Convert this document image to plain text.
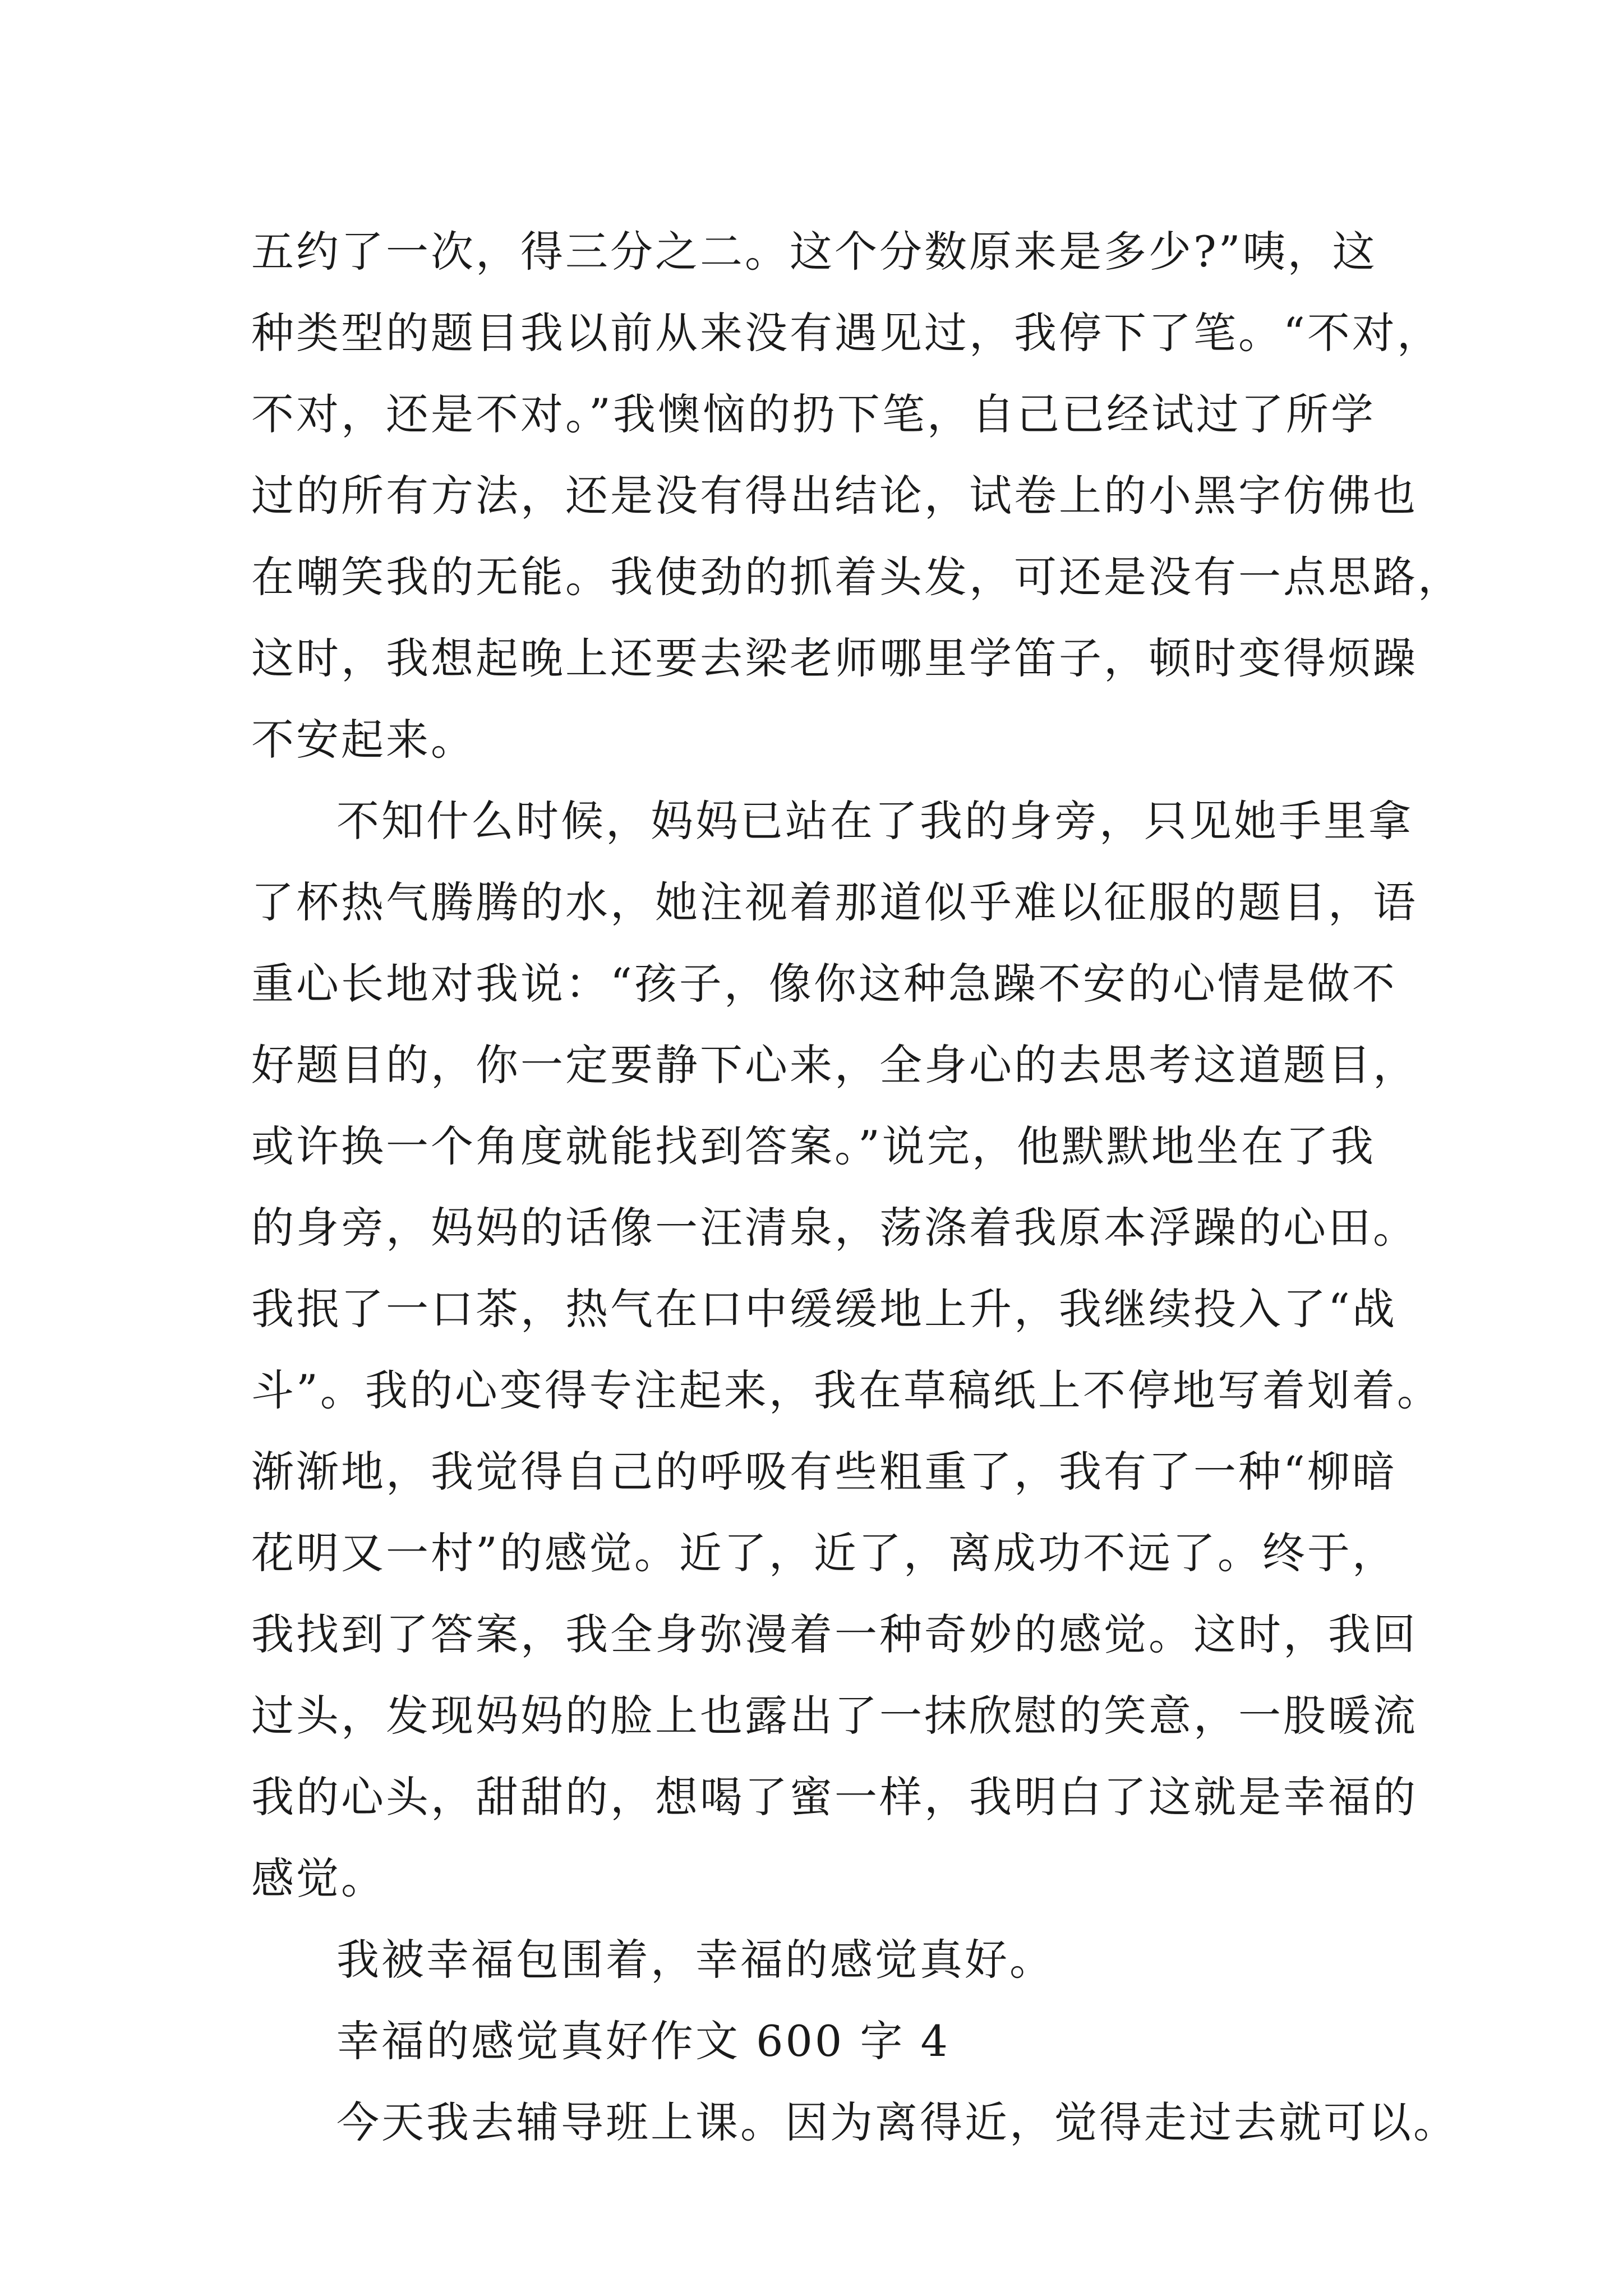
五约了一次，得三分之二。这个分数原来是多少?”咦，这
种类型的题目我以前从来没有遇见过，我停下了笔。“不对，
不对，还是不对。”我懊恼的扔下笔，自己已经试过了所学
过的所有方法，还是没有得出结论，试卷上的小黑字仿佛也
在嘲笑我的无能。我使劲的抓着头发，可还是没有一点思路，
这时，我想起晚上还要去梁老师哪里学笛子，顿时变得烦躁
不安起来。
不知什么时候，妈妈已站在了我的身旁，只见她手里拿
了杯热气腾腾的水，她注视着那道似乎难以征服的题目，语
重心长地对我说：“孩子，像你这种急躁不安的心情是做不
好题目的，你一定要静下心来，全身心的去思考这道题目，
或许换一个角度就能找到答案。”说完，他默默地坐在了我
的身旁，妈妈的话像一汪清泉，荡涤着我原本浮躁的心田。
我抿了一口茶，热气在口中缓缓地上升，我继续投入了“战
斗”。我的心变得专注起来，我在草稿纸上不停地写着划着。
渐渐地，我觉得自己的呼吸有些粗重了，我有了一种“柳暗
花明又一村”的感觉。近了，近了，离成功不远了。终于，
我找到了答案，我全身弥漫着一种奇妙的感觉。这时，我回
过头，发现妈妈的脸上也露出了一抹欣慰的笑意，一股暖流
我的心头，甜甜的，想喝了蜜一样，我明白了这就是幸福的
感觉。
我被幸福包围着，幸福的感觉真好。
幸福的感觉真好作文 600 字 4
今天我去辅导班上课。因为离得近，觉得走过去就可以。
